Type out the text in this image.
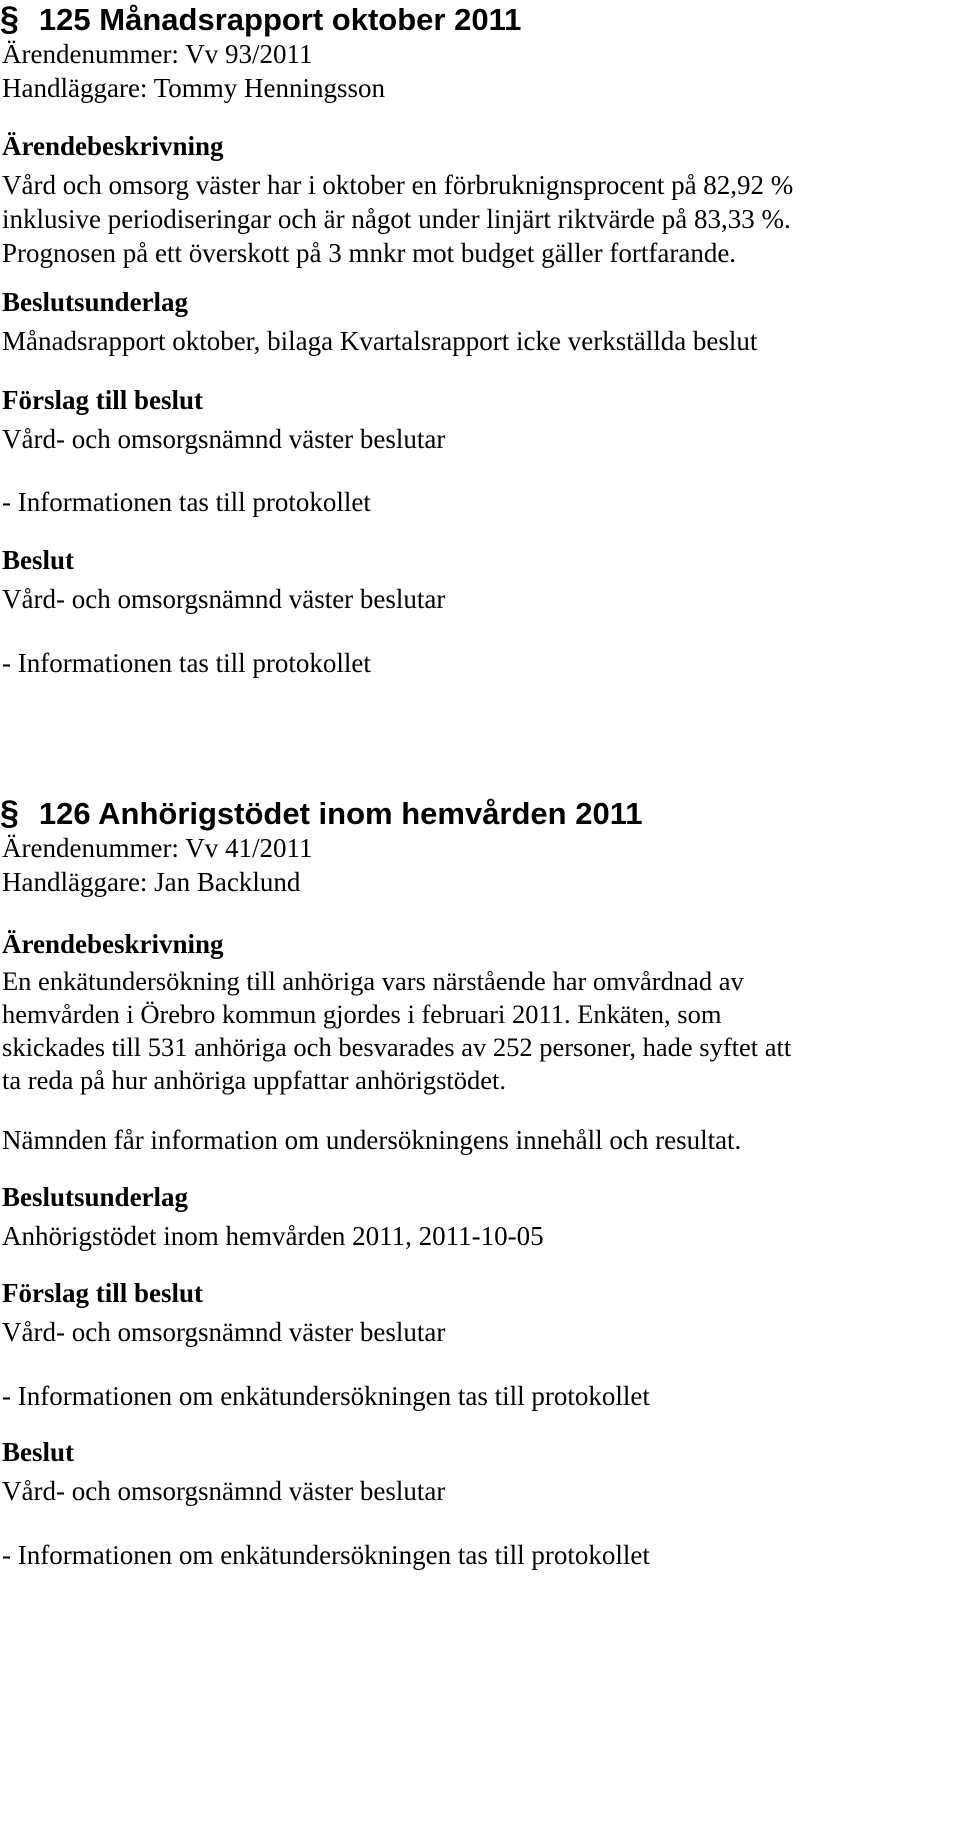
§ 125 Månadsrapport oktober 2011
Ärendenummer: Vv 93/2011
Handläggare: Tommy Henningsson
Ärendebeskrivning
Vård och omsorg väster har i oktober en förbruknignsprocent på 82,92 %
inklusive periodiseringar och är något under linjärt riktvärde på 83,33 %.
Prognosen på ett överskott på 3 mnkr mot budget gäller fortfarande.
Beslutsunderlag
Månadsrapport oktober, bilaga Kvartalsrapport icke verkställda beslut
Förslag till beslut
Vård- och omsorgsnämnd väster beslutar
- Informationen tas till protokollet
Beslut
Vård- och omsorgsnämnd väster beslutar
- Informationen tas till protokollet
§ 126 Anhörigstödet inom hemvården 2011
Ärendenummer: Vv 41/2011
Handläggare: Jan Backlund
Ärendebeskrivning
En enkätundersökning till anhöriga vars närstående har omvårdnad av
hemvården i Örebro kommun gjordes i februari 2011. Enkäten, som
skickades till 531 anhöriga och besvarades av 252 personer, hade syftet att
ta reda på hur anhöriga uppfattar anhörigstödet.
Nämnden får information om undersökningens innehåll och resultat.
Beslutsunderlag
Anhörigstödet inom hemvården 2011, 2011-10-05
Förslag till beslut
Vård- och omsorgsnämnd väster beslutar
- Informationen om enkätundersökningen tas till protokollet
Beslut
Vård- och omsorgsnämnd väster beslutar
- Informationen om enkätundersökningen tas till protokollet
